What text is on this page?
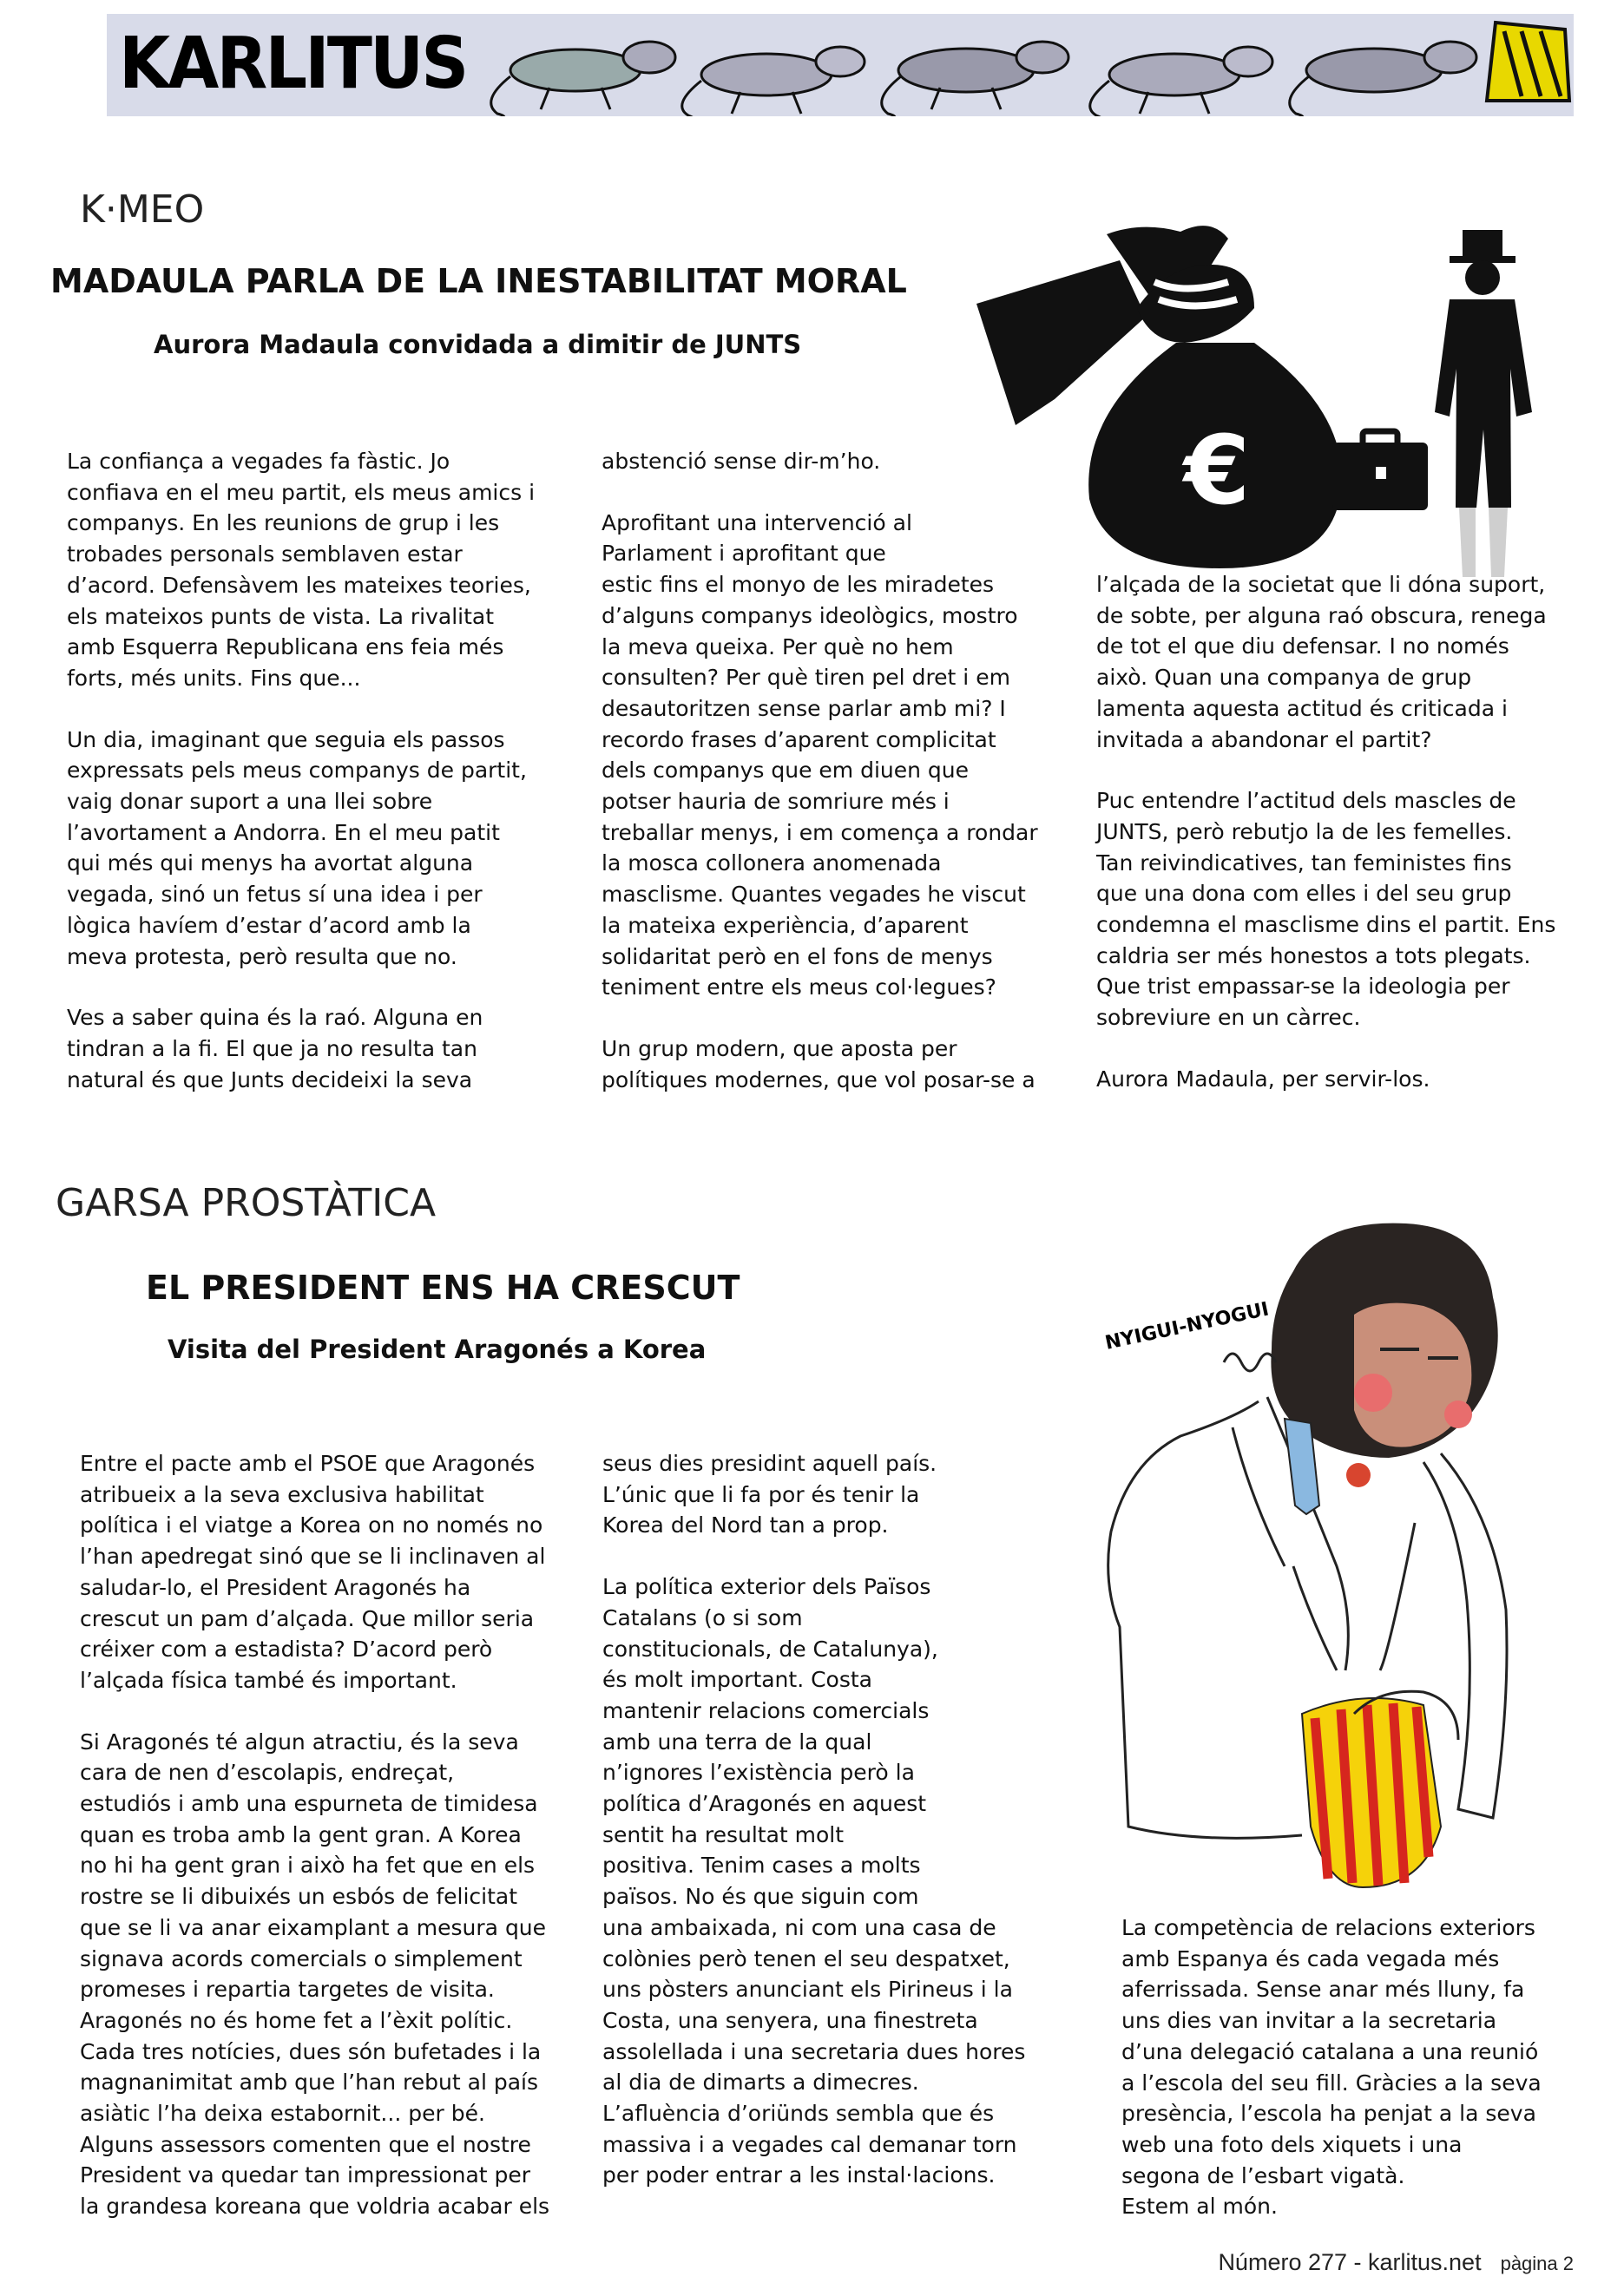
KARLITUS
K·MEO
MADAULA PARLA DE LA INESTABILITAT MORAL
Aurora Madaula convidada a dimitir de JUNTS
€

La confiança a vegades fa fàstic. Jo
confiava en el meu partit, els meus amics i
companys. En les reunions de grup i les
trobades personals semblaven estar
d’acord. Defensàvem les mateixes teories,
els mateixos punts de vista. La rivalitat
amb Esquerra Republicana ens feia més
forts, més units. Fins que...

Un dia, imaginant que seguia els passos
expressats pels meus companys de partit,
vaig donar suport a una llei sobre
l’avortament a Andorra. En el meu patit
qui més qui menys ha avortat alguna
vegada, sinó un fetus sí una idea i per
lògica havíem d’estar d’acord amb la
meva protesta, però resulta que no.

Ves a saber quina és la raó. Alguna en
tindran a la fi. El que ja no resulta tan
natural és que Junts decideixi la seva

abstenció sense dir-m’ho.

Aprofitant una intervenció al
Parlament i aprofitant que
estic fins el monyo de les miradetes
d’alguns companys ideològics, mostro
la meva queixa. Per què no hem
consulten? Per què tiren pel dret i em
desautoritzen sense parlar amb mi? I
recordo frases d’aparent complicitat
dels companys que em diuen que
potser hauria de somriure més i
treballar menys, i em comença a rondar
la mosca collonera anomenada
masclisme. Quantes vegades he viscut
la mateixa experiència, d’aparent
solidaritat però en el fons de menys
teniment entre els meus col·legues?

Un grup modern, que aposta per
polítiques modernes, que vol posar-se a

l’alçada de la societat que li dóna suport,
de sobte, per alguna raó obscura, renega
de tot el que diu defensar. I no només
això. Quan una companya de grup
lamenta aquesta actitud és criticada i
invitada a abandonar el partit?

Puc entendre l’actitud dels mascles de
JUNTS, però rebutjo la de les femelles.
Tan reivindicatives, tan feministes fins
que una dona com elles i del seu grup
condemna el masclisme dins el partit. Ens
caldria ser més honestos a tots plegats.
Que trist empassar-se la ideologia per
sobreviure en un càrrec.

Aurora Madaula, per servir-los.

GARSA PROSTÀTICA
EL PRESIDENT ENS HA CRESCUT
Visita del President Aragonés a Korea	NYIGUI-NYOGUI

Entre el pacte amb el PSOE que Aragonés
atribueix a la seva exclusiva habilitat
política i el viatge a Korea on no només no
l’han apedregat sinó que se li inclinaven al
saludar-lo, el President Aragonés ha
crescut un pam d’alçada. Que millor seria
créixer com a estadista? D’acord però
l’alçada física també és important.

Si Aragonés té algun atractiu, és la seva
cara de nen d’escolapis, endreçat,
estudiós i amb una espurneta de timidesa
quan es troba amb la gent gran. A Korea
no hi ha gent gran i això ha fet que en els
rostre se li dibuixés un esbós de felicitat
que se li va anar eixamplant a mesura que
signava acords comercials o simplement
promeses i repartia targetes de visita.
Aragonés no és home fet a l’èxit polític.
Cada tres notícies, dues són bufetades i la
magnanimitat amb que l’han rebut al país
asiàtic l’ha deixa estabornit... per bé.
Alguns assessors comenten que el nostre
President va quedar tan impressionat per
la grandesa koreana que voldria acabar els

seus dies presidint aquell país.
L’únic que li fa por és tenir la
Korea del Nord tan a prop.

La política exterior dels Països
Catalans (o si som
constitucionals, de Catalunya),
és molt important. Costa
mantenir relacions comercials
amb una terra de la qual
n’ignores l’existència però la
política d’Aragonés en aquest
sentit ha resultat molt
positiva. Tenim cases a molts
països. No és que siguin com
una ambaixada, ni com una casa de
colònies però tenen el seu despatxet,
uns pòsters anunciant els Pirineus i la
Costa, una senyera, una finestreta
assolellada i una secretaria dues hores
al dia de dimarts a dimecres.
L’afluència d’oriünds sembla que és
massiva i a vegades cal demanar torn
per poder entrar a les instal·lacions.

La competència de relacions exteriors
amb Espanya és cada vegada més
aferrissada. Sense anar més lluny, fa
uns dies van invitar a la secretaria
d’una delegació catalana a una reunió
a l’escola del seu fill. Gràcies a la seva
presència, l’escola ha penjat a la seva
web una foto dels xiquets i una
segona de l’esbart vigatà.
Estem al món.

Número 277 - karlitus.net pàgina 2
